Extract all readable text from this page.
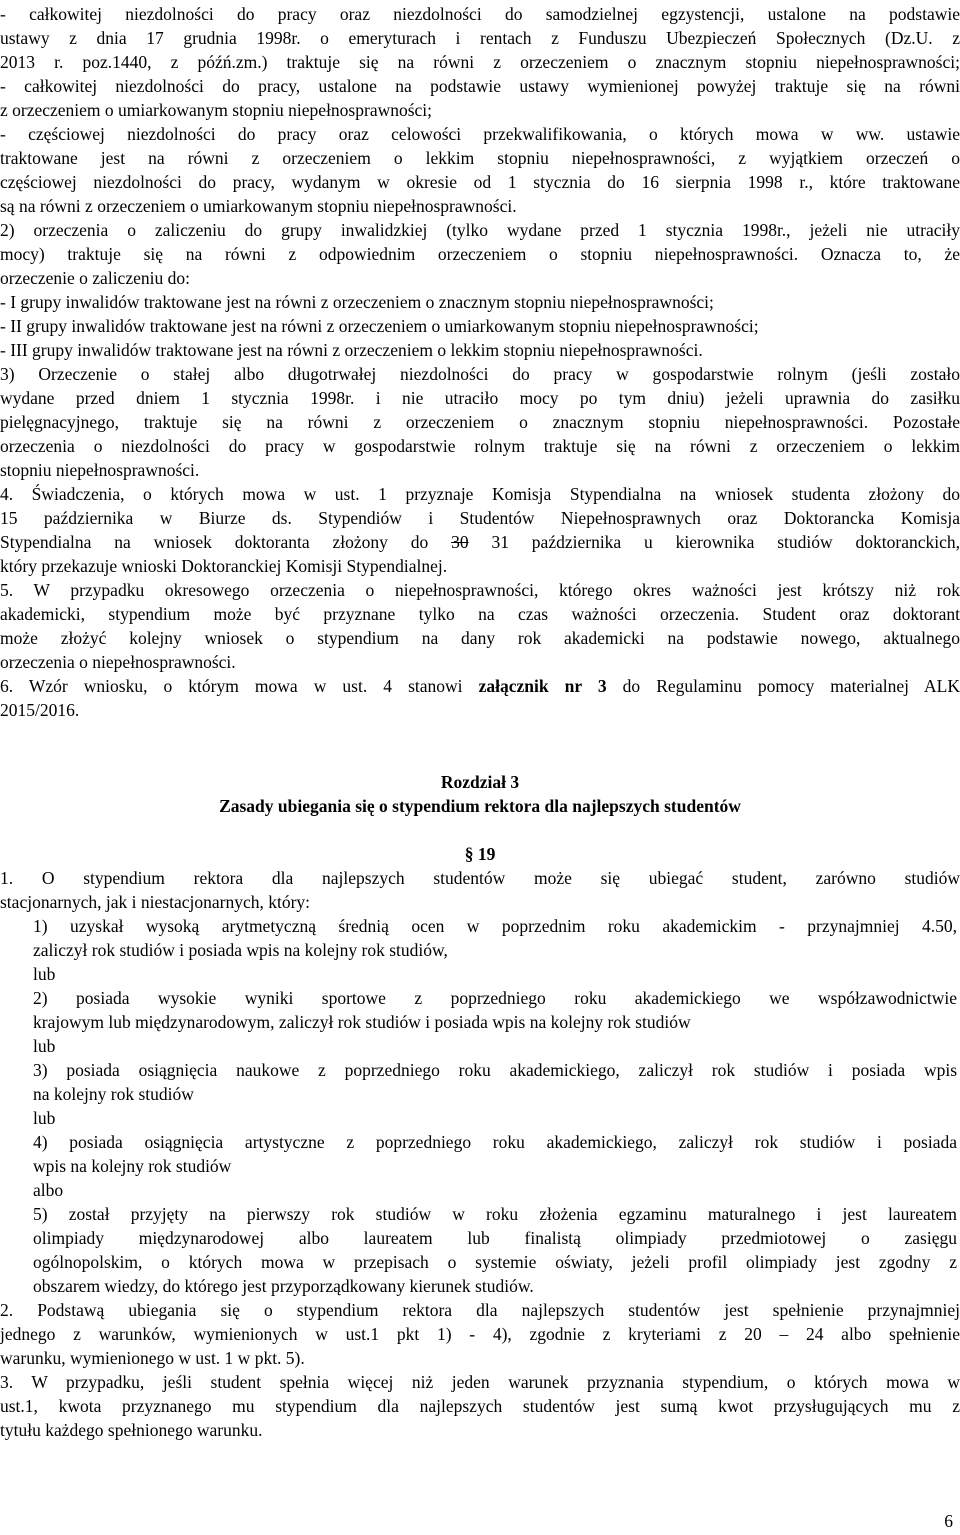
- całkowitej niezdolności do pracy oraz niezdolności do samodzielnej egzystencji, ustalone na podstawie
ustawy z dnia 17 grudnia 1998r. o emeryturach i rentach z Funduszu Ubezpieczeń Społecznych (Dz.U. z
2013 r. poz.1440, z późń.zm.) traktuje się na równi z orzeczeniem o znacznym stopniu niepełnosprawności;
- całkowitej niezdolności do pracy, ustalone na podstawie ustawy wymienionej powyżej traktuje się na równi
z orzeczeniem o umiarkowanym stopniu niepełnosprawności;
- częściowej niezdolności do pracy oraz celowości przekwalifikowania, o których mowa w ww. ustawie
traktowane jest na równi z orzeczeniem o lekkim stopniu niepełnosprawności, z wyjątkiem orzeczeń o
częściowej niezdolności do pracy, wydanym w okresie od 1 stycznia do 16 sierpnia 1998 r., które traktowane
są na równi z orzeczeniem o umiarkowanym stopniu niepełnosprawności.
2) orzeczenia o zaliczeniu do grupy inwalidzkiej (tylko wydane przed 1 stycznia 1998r., jeżeli nie utraciły
mocy) traktuje się na równi z odpowiednim orzeczeniem o stopniu niepełnosprawności. Oznacza to, że
orzeczenie o zaliczeniu do:
- I grupy inwalidów traktowane jest na równi z orzeczeniem o znacznym stopniu niepełnosprawności;
- II grupy inwalidów traktowane jest na równi z orzeczeniem o umiarkowanym stopniu niepełnosprawności;
- III grupy inwalidów traktowane jest na równi z orzeczeniem o lekkim stopniu niepełnosprawności.
3) Orzeczenie o stałej albo długotrwałej niezdolności do pracy w gospodarstwie rolnym (jeśli zostało
wydane przed dniem 1 stycznia 1998r. i nie utraciło mocy po tym dniu) jeżeli uprawnia do zasiłku
pielęgnacyjnego, traktuje się na równi z orzeczeniem o znacznym stopniu niepełnosprawności. Pozostałe
orzeczenia o niezdolności do pracy w gospodarstwie rolnym traktuje się na równi z orzeczeniem o lekkim
stopniu niepełnosprawności.
4. Świadczenia, o których mowa w ust. 1 przyznaje Komisja Stypendialna na wniosek studenta złożony do
15 października w Biurze ds. Stypendiów i Studentów Niepełnosprawnych oraz Doktorancka Komisja
Stypendialna na wniosek doktoranta złożony do 30 31 października u kierownika studiów doktoranckich,
który przekazuje wnioski Doktoranckiej Komisji Stypendialnej.
5. W przypadku okresowego orzeczenia o niepełnosprawności, którego okres ważności jest krótszy niż rok
akademicki, stypendium może być przyznane tylko na czas ważności orzeczenia. Student oraz doktorant
może złożyć kolejny wniosek o stypendium na dany rok akademicki na podstawie nowego, aktualnego
orzeczenia o niepełnosprawności.
6. Wzór wniosku, o którym mowa w ust. 4 stanowi załącznik nr 3 do Regulaminu pomocy materialnej ALK
2015/2016.
Rozdział 3
Zasady ubiegania się o stypendium rektora dla najlepszych studentów
§ 19
1. O stypendium rektora dla najlepszych studentów może się ubiegać student, zarówno studiów
stacjonarnych, jak i niestacjonarnych, który:
1) uzyskał wysoką arytmetyczną średnią ocen w poprzednim roku akademickim - przynajmniej 4.50,
zaliczył rok studiów i posiada wpis na kolejny rok studiów,
lub
2) posiada wysokie wyniki sportowe z poprzedniego roku akademickiego we współzawodnictwie
krajowym lub międzynarodowym, zaliczył rok studiów i posiada wpis na kolejny rok studiów
lub
3) posiada osiągnięcia naukowe z poprzedniego roku akademickiego, zaliczył rok studiów i posiada wpis
na kolejny rok studiów
lub
4) posiada osiągnięcia artystyczne z poprzedniego roku akademickiego, zaliczył rok studiów i posiada
wpis na kolejny rok studiów
albo
5) został przyjęty na pierwszy rok studiów w roku złożenia egzaminu maturalnego i jest laureatem
olimpiady międzynarodowej albo laureatem lub finalistą olimpiady przedmiotowej o zasięgu
ogólnopolskim, o których mowa w przepisach o systemie oświaty, jeżeli profil olimpiady jest zgodny z
obszarem wiedzy, do którego jest przyporządkowany kierunek studiów.
2. Podstawą ubiegania się o stypendium rektora dla najlepszych studentów jest spełnienie przynajmniej
jednego z warunków, wymienionych w ust.1 pkt 1) - 4), zgodnie z kryteriami z 20 – 24 albo spełnienie
warunku, wymienionego w ust. 1 w pkt. 5).
3. W przypadku, jeśli student spełnia więcej niż jeden warunek przyznania stypendium, o których mowa w
ust.1, kwota przyznanego mu stypendium dla najlepszych studentów jest sumą kwot przysługujących mu z
tytułu każdego spełnionego warunku.
6
